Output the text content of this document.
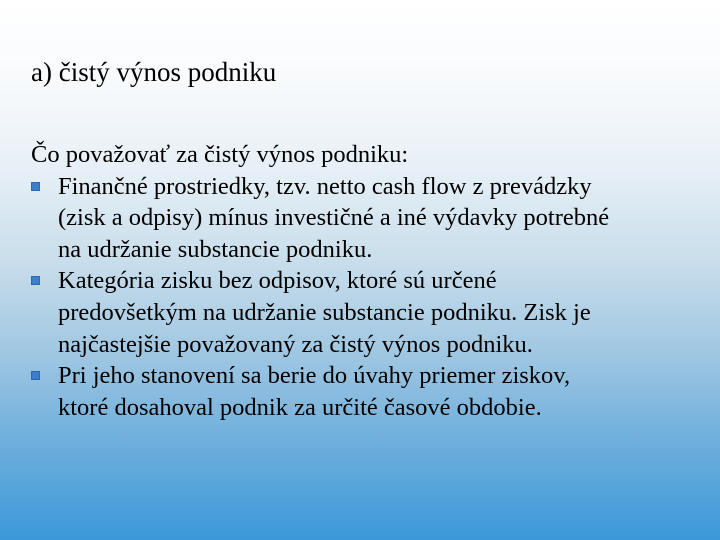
a) čistý výnos podniku

Čo považovať za čistý výnos podniku:

Finančné prostriedky, tzv. netto cash flow z prevádzky
(zisk a odpisy) mínus investičné a iné výdavky potrebné
na udržanie substancie podniku.
Kategória zisku bez odpisov, ktoré sú určené
predovšetkým na udržanie substancie podniku. Zisk je
najčastejšie považovaný za čistý výnos podniku.
Pri jeho stanovení sa berie do úvahy priemer ziskov,
ktoré dosahoval podnik za určité časové obdobie.
